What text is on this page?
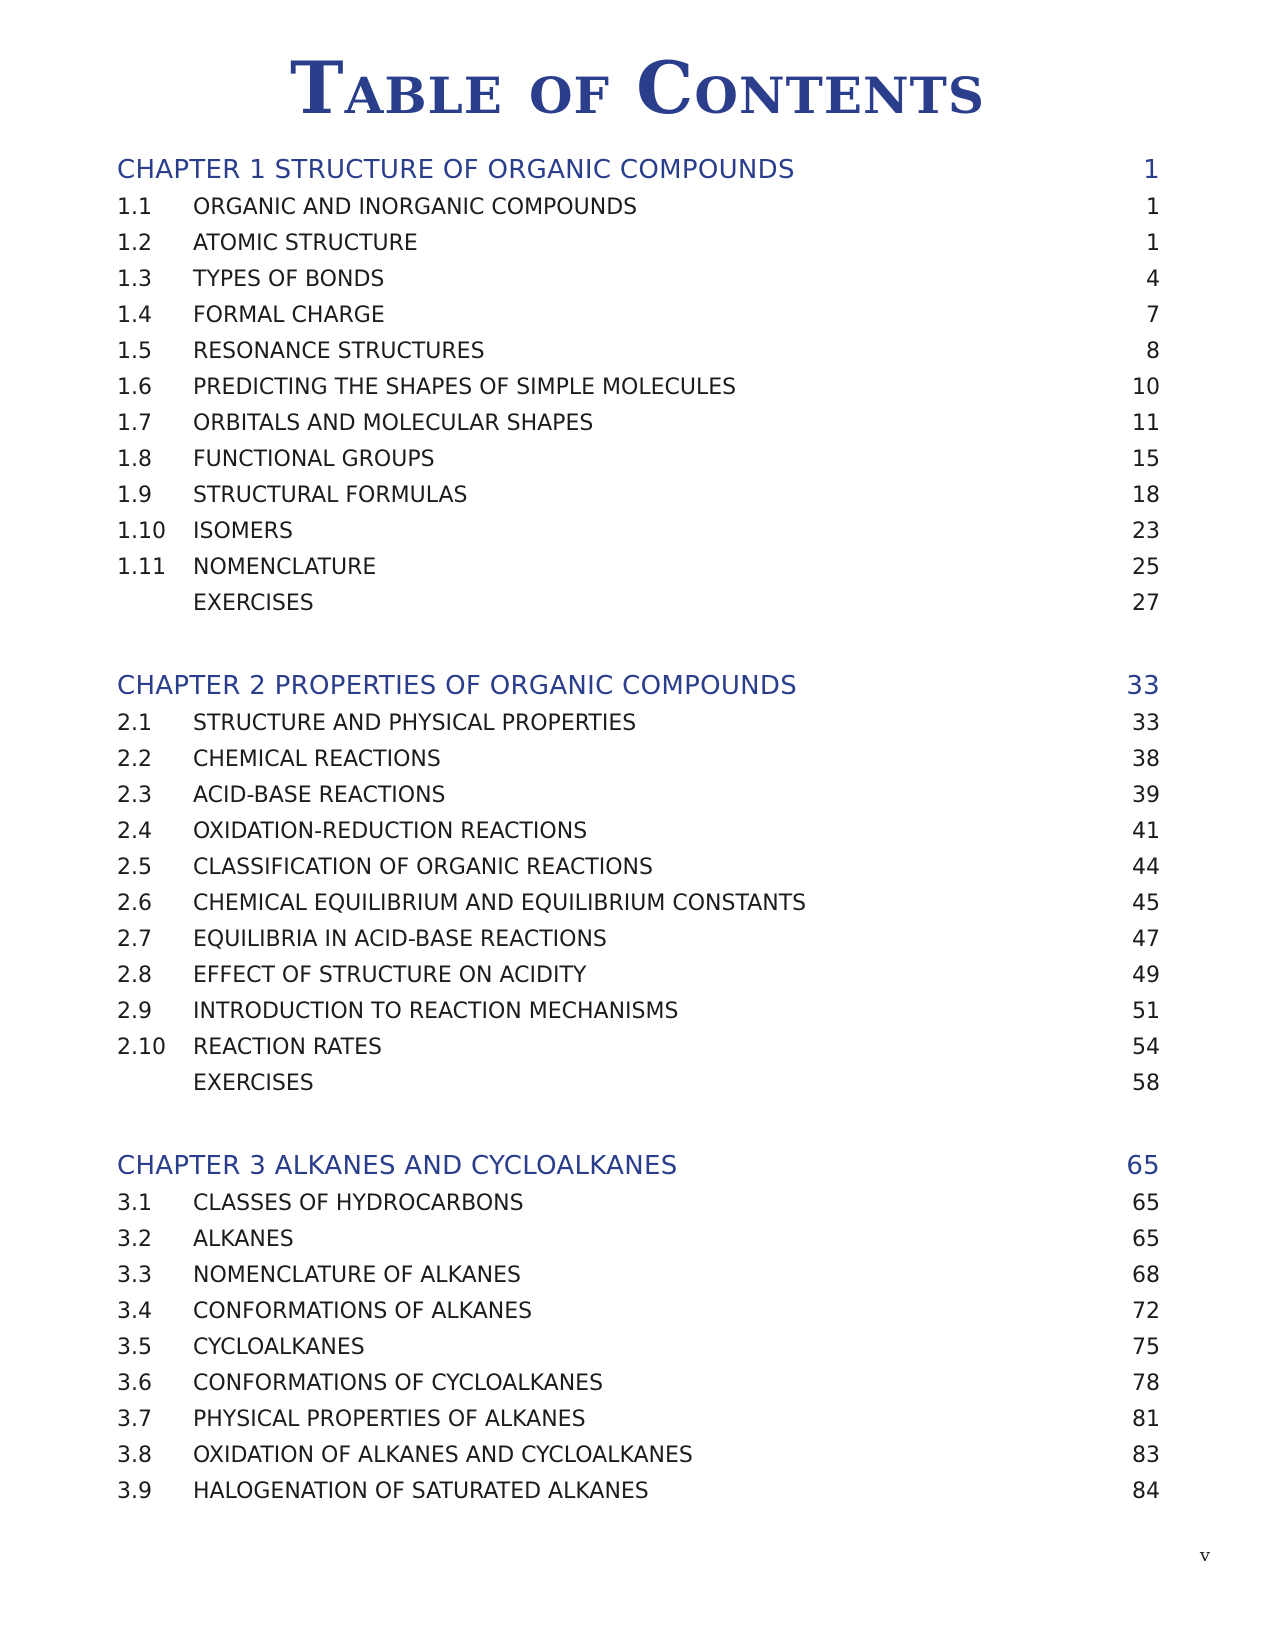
Table of Contents
CHAPTER 1 STRUCTURE OF ORGANIC COMPOUNDS	1
1.1	ORGANIC AND INORGANIC COMPOUNDS	1
1.2	ATOMIC STRUCTURE	1
1.3	TYPES OF BONDS	4
1.4	FORMAL CHARGE	7
1.5	RESONANCE STRUCTURES	8
1.6	PREDICTING THE SHAPES OF SIMPLE MOLECULES	10
1.7	ORBITALS AND MOLECULAR SHAPES	11
1.8	FUNCTIONAL GROUPS	15
1.9	STRUCTURAL FORMULAS	18
1.10	ISOMERS	23
1.11	NOMENCLATURE	25
EXERCISES	27
CHAPTER 2 PROPERTIES OF ORGANIC COMPOUNDS	33
2.1	STRUCTURE AND PHYSICAL PROPERTIES	33
2.2	CHEMICAL REACTIONS	38
2.3	ACID-BASE REACTIONS	39
2.4	OXIDATION-REDUCTION REACTIONS	41
2.5	CLASSIFICATION OF ORGANIC REACTIONS	44
2.6	CHEMICAL EQUILIBRIUM AND EQUILIBRIUM CONSTANTS	45
2.7	EQUILIBRIA IN ACID-BASE REACTIONS	47
2.8	EFFECT OF STRUCTURE ON ACIDITY	49
2.9	INTRODUCTION TO REACTION MECHANISMS	51
2.10	REACTION RATES	54
EXERCISES	58
CHAPTER 3 ALKANES AND CYCLOALKANES	65
3.1	CLASSES OF HYDROCARBONS	65
3.2	ALKANES	65
3.3	NOMENCLATURE OF ALKANES	68
3.4	CONFORMATIONS OF ALKANES	72
3.5	CYCLOALKANES	75
3.6	CONFORMATIONS OF CYCLOALKANES	78
3.7	PHYSICAL PROPERTIES OF ALKANES	81
3.8	OXIDATION OF ALKANES AND CYCLOALKANES	83
3.9	HALOGENATION OF SATURATED ALKANES	84
v
